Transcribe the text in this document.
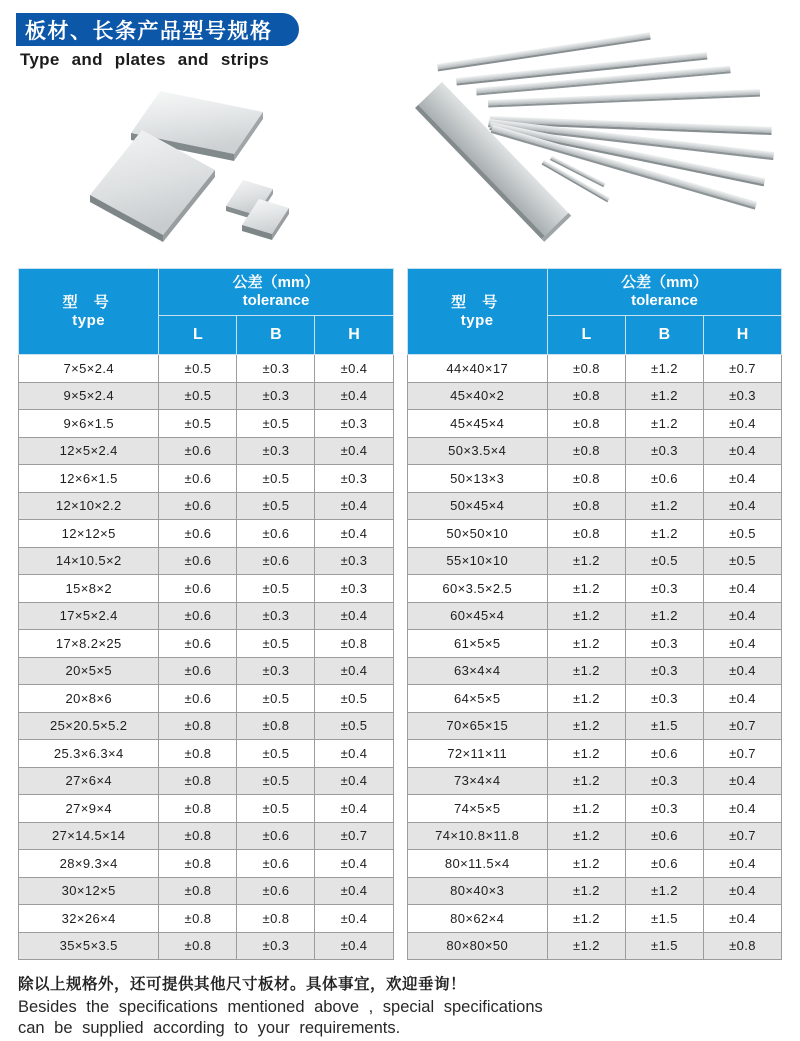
板材、长条产品型号规格
Type and plates and strips
型 号
type

公差（mm）
tolerance

	L	B	H
7×5×2.4	±0.5	±0.3	±0.4
9×5×2.4	±0.5	±0.3	±0.4
9×6×1.5	±0.5	±0.5	±0.3
12×5×2.4	±0.6	±0.3	±0.4
12×6×1.5	±0.6	±0.5	±0.3
12×10×2.2	±0.6	±0.5	±0.4
12×12×5	±0.6	±0.6	±0.4
14×10.5×2	±0.6	±0.6	±0.3
15×8×2	±0.6	±0.5	±0.3
17×5×2.4	±0.6	±0.3	±0.4
17×8.2×25	±0.6	±0.5	±0.8
20×5×5	±0.6	±0.3	±0.4
20×8×6	±0.6	±0.5	±0.5
25×20.5×5.2	±0.8	±0.8	±0.5
25.3×6.3×4	±0.8	±0.5	±0.4
27×6×4	±0.8	±0.5	±0.4
27×9×4	±0.8	±0.5	±0.4
27×14.5×14	±0.8	±0.6	±0.7
28×9.3×4	±0.8	±0.6	±0.4
30×12×5	±0.8	±0.6	±0.4
32×26×4	±0.8	±0.8	±0.4
35×5×3.5	±0.8	±0.3	±0.4
型 号
type

公差（mm）
tolerance

	L	B	H
44×40×17	±0.8	±1.2	±0.7
45×40×2	±0.8	±1.2	±0.3
45×45×4	±0.8	±1.2	±0.4
50×3.5×4	±0.8	±0.3	±0.4
50×13×3	±0.8	±0.6	±0.4
50×45×4	±0.8	±1.2	±0.4
50×50×10	±0.8	±1.2	±0.5
55×10×10	±1.2	±0.5	±0.5
60×3.5×2.5	±1.2	±0.3	±0.4
60×45×4	±1.2	±1.2	±0.4
61×5×5	±1.2	±0.3	±0.4
63×4×4	±1.2	±0.3	±0.4
64×5×5	±1.2	±0.3	±0.4
70×65×15	±1.2	±1.5	±0.7
72×11×11	±1.2	±0.6	±0.7
73×4×4	±1.2	±0.3	±0.4
74×5×5	±1.2	±0.3	±0.4
74×10.8×11.8	±1.2	±0.6	±0.7
80×11.5×4	±1.2	±0.6	±0.4
80×40×3	±1.2	±1.2	±0.4
80×62×4	±1.2	±1.5	±0.4
80×80×50	±1.2	±1.5	±0.8
除以上规格外，还可提供其他尺寸板材。具体事宜，欢迎垂询！
Besides the specifications mentioned above , special specifications
can be supplied according to your requirements.
